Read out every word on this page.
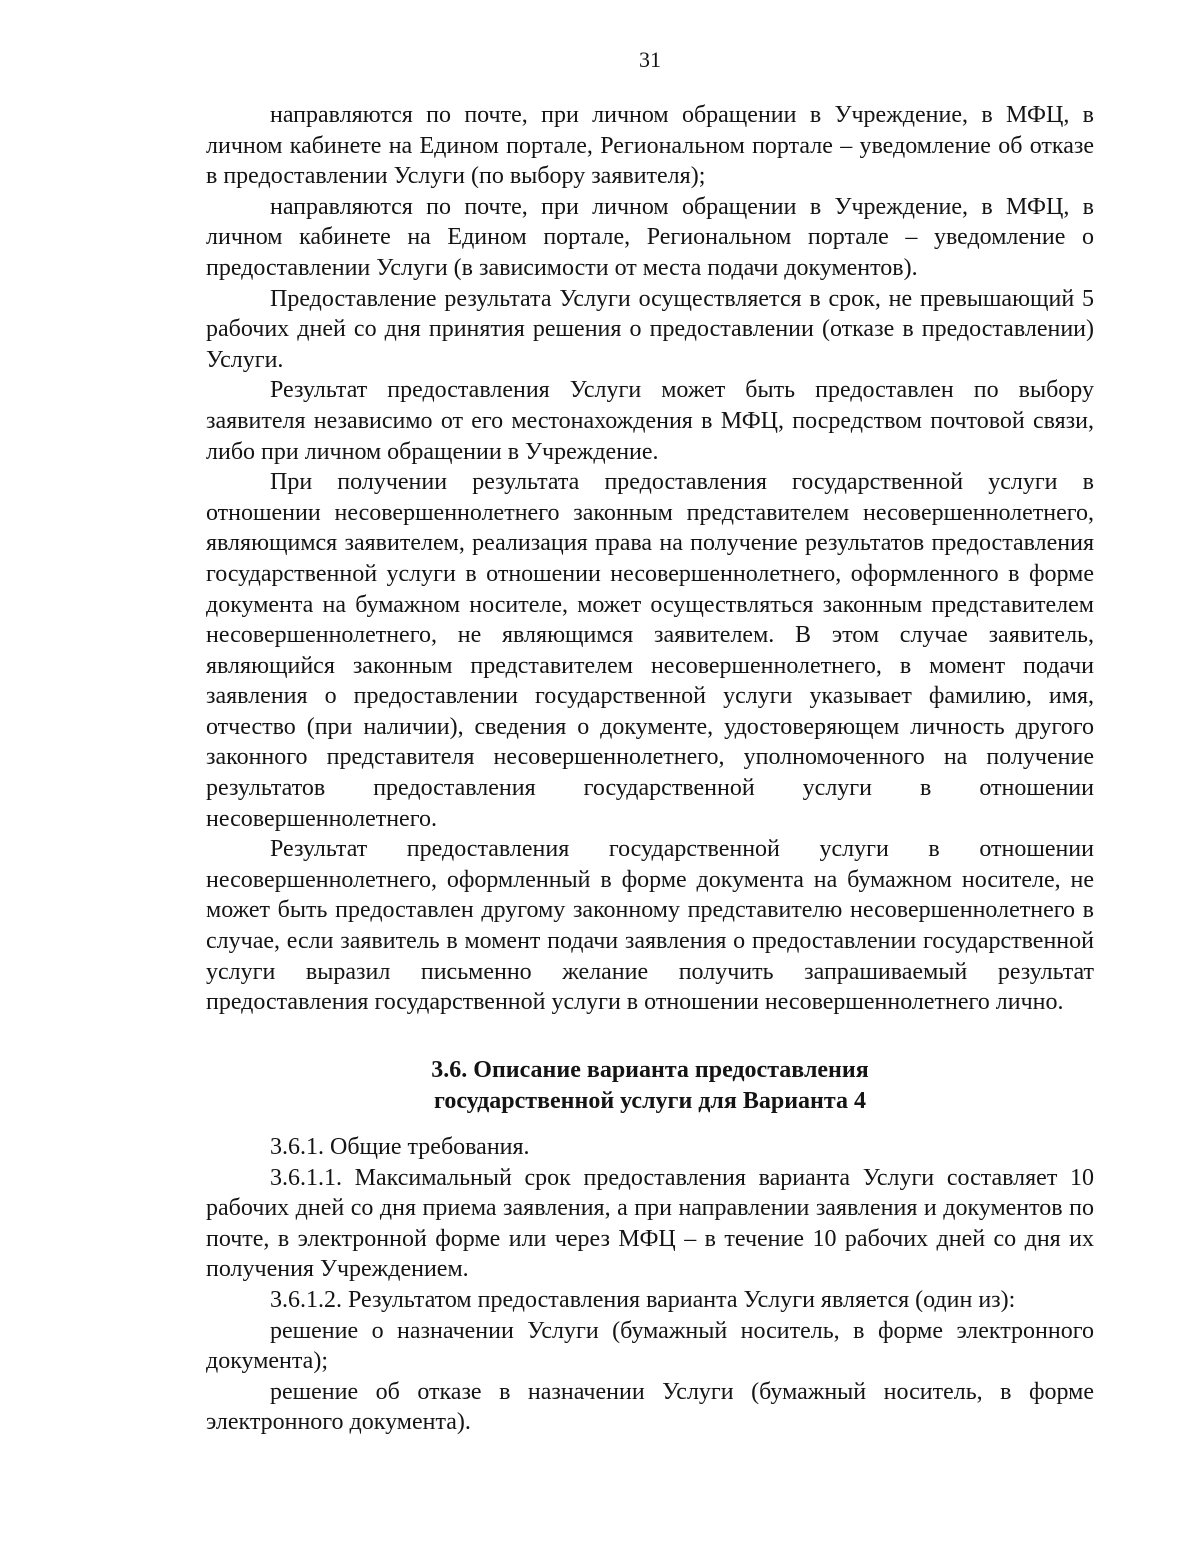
31

направляются по почте, при личном обращении в Учреждение, в МФЦ, в личном кабинете на Едином портале, Региональном портале – уведомление об отказе в предоставлении Услуги (по выбору заявителя);

направляются по почте, при личном обращении в Учреждение, в МФЦ, в личном кабинете на Едином портале, Региональном портале – уведомление о предоставлении Услуги (в зависимости от места подачи документов).

Предоставление результата Услуги осуществляется в срок, не превышающий 5 рабочих дней со дня принятия решения о предоставлении (отказе в предоставлении) Услуги.

Результат предоставления Услуги может быть предоставлен по выбору заявителя независимо от его местонахождения в МФЦ, посредством почтовой связи, либо при личном обращении в Учреждение.

При получении результата предоставления государственной услуги в отношении несовершеннолетнего законным представителем несовершеннолетнего, являющимся заявителем, реализация права на получение результатов предоставления государственной услуги в отношении несовершеннолетнего, оформленного в форме документа на бумажном носителе, может осуществляться законным представителем несовершеннолетнего, не являющимся заявителем. В этом случае заявитель, являющийся законным представителем несовершеннолетнего, в момент подачи заявления о предоставлении государственной услуги указывает фамилию, имя, отчество (при наличии), сведения о документе, удостоверяющем личность другого законного представителя несовершеннолетнего, уполномоченного на получение результатов предоставления государственной услуги в отношении несовершеннолетнего.

Результат предоставления государственной услуги в отношении несовершеннолетнего, оформленный в форме документа на бумажном носителе, не может быть предоставлен другому законному представителю несовершеннолетнего в случае, если заявитель в момент подачи заявления о предоставлении государственной услуги выразил письменно желание получить запрашиваемый результат предоставления государственной услуги в отношении несовершеннолетнего лично.

3.6. Описание варианта предоставления
государственной услуги для Варианта 4

3.6.1. Общие требования.

3.6.1.1. Максимальный срок предоставления варианта Услуги составляет 10 рабочих дней со дня приема заявления, а при направлении заявления и документов по почте, в электронной форме или через МФЦ – в течение 10 рабочих дней со дня их получения Учреждением.

3.6.1.2. Результатом предоставления варианта Услуги является (один из):

решение о назначении Услуги (бумажный носитель, в форме электронного документа);

решение об отказе в назначении Услуги (бумажный носитель, в форме электронного документа).
